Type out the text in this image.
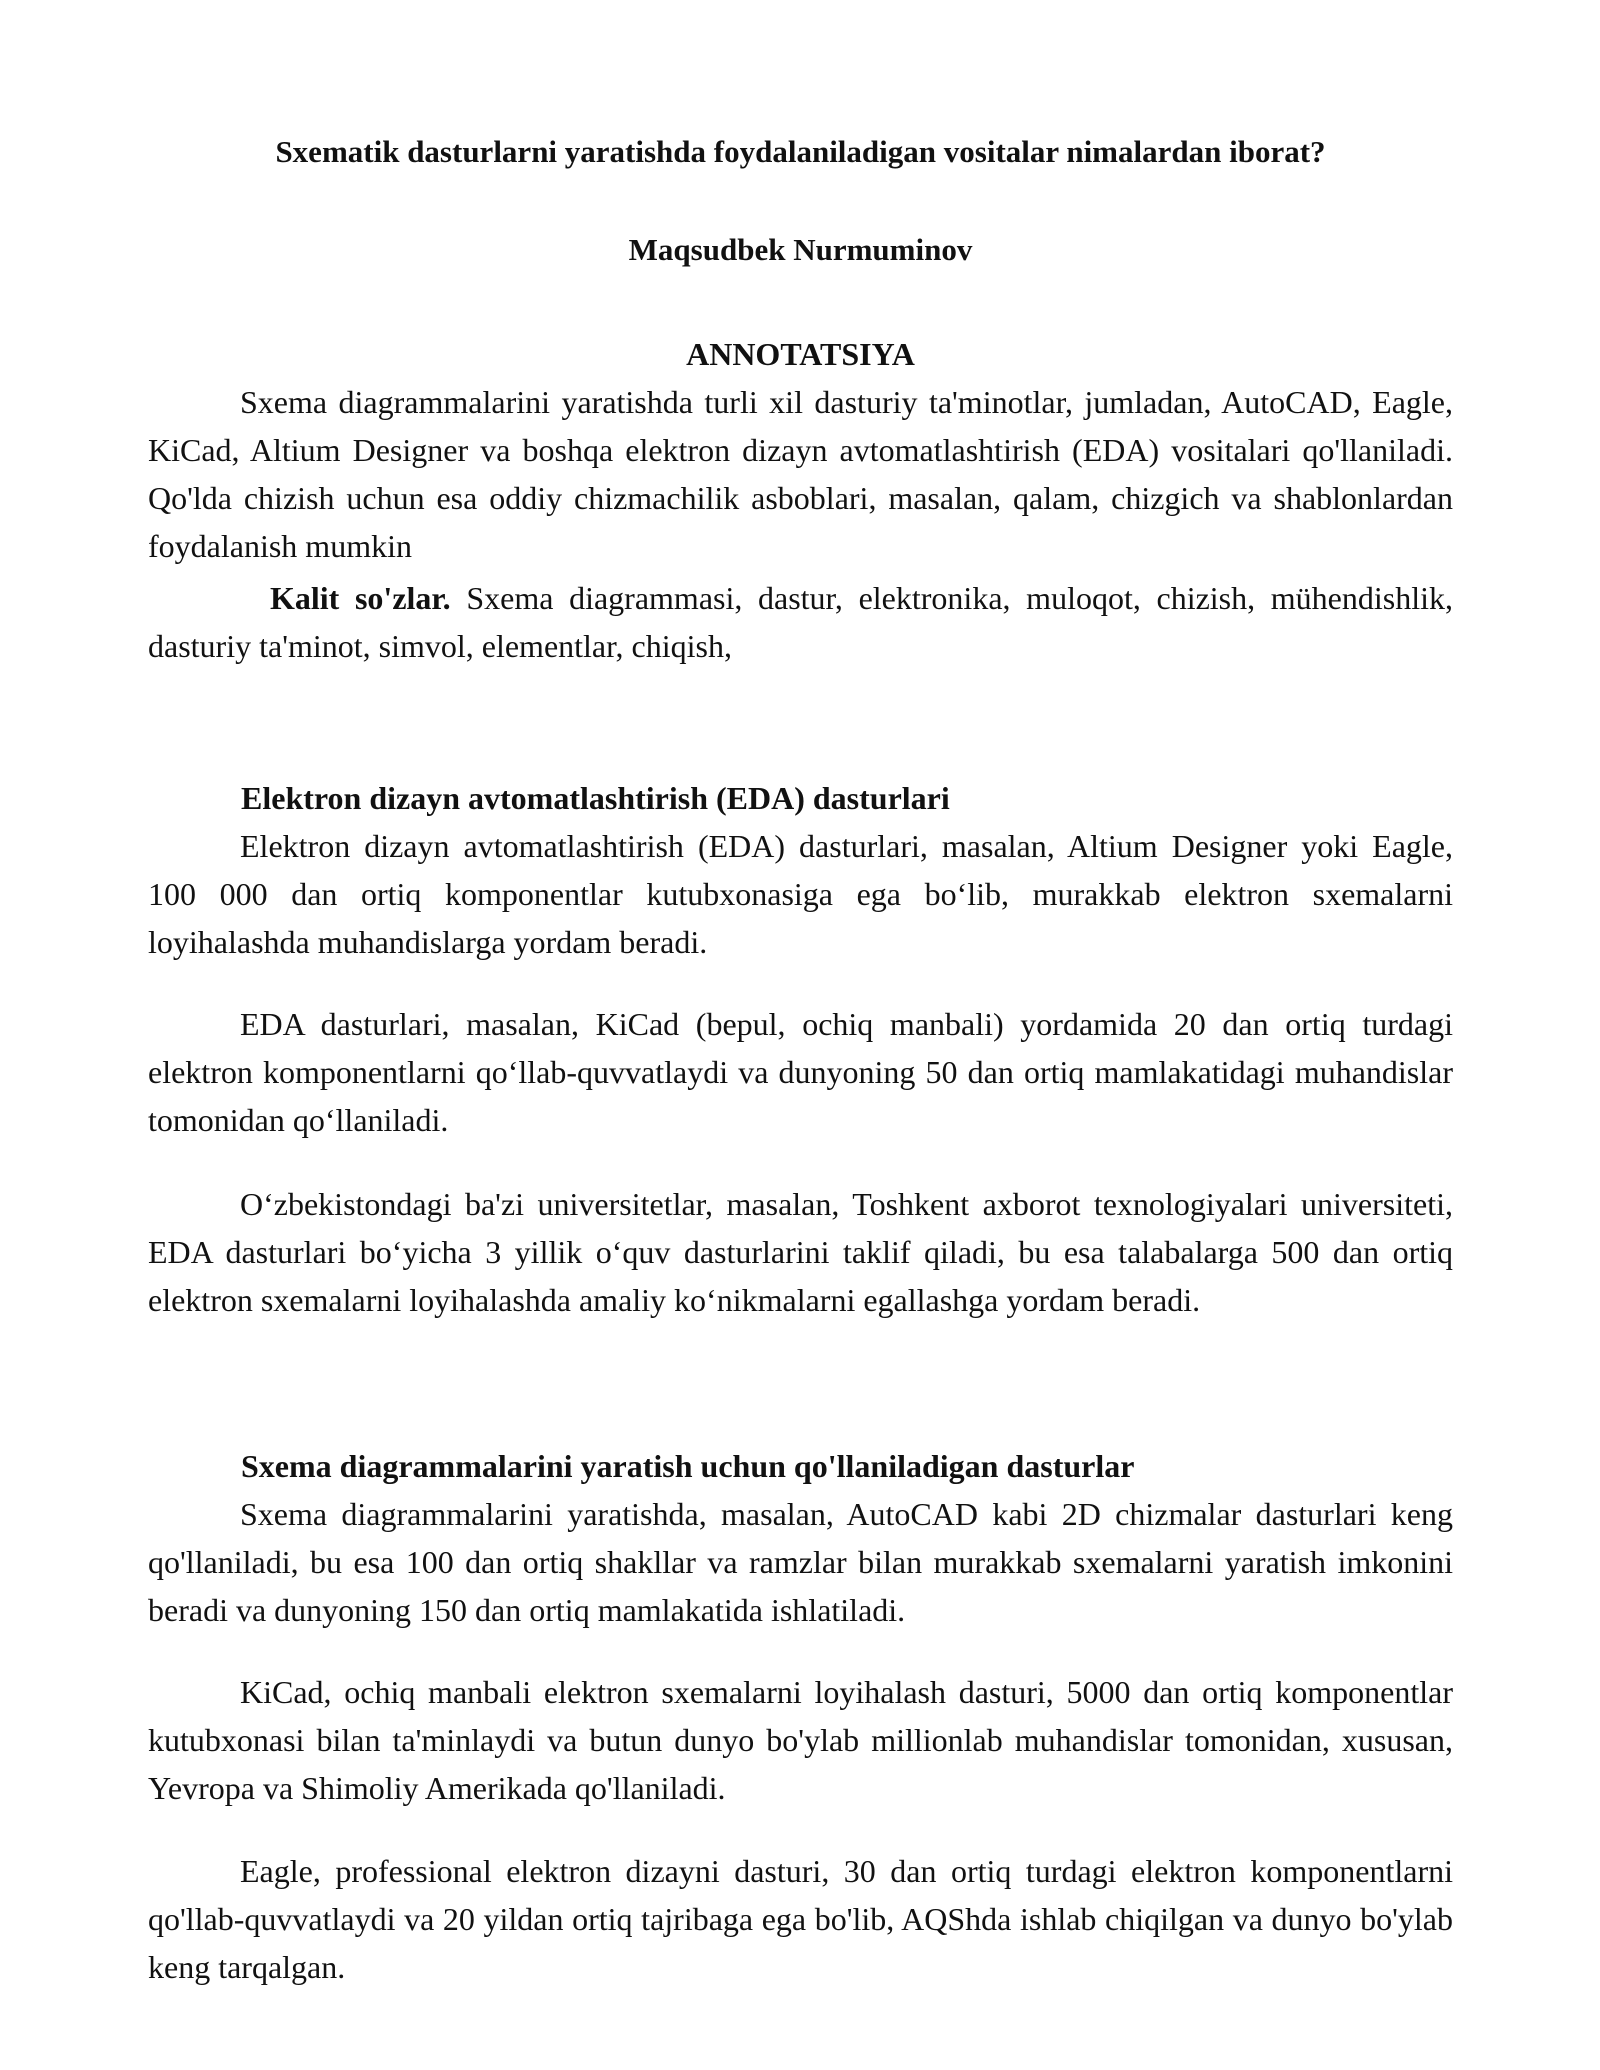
Sxematik dasturlarni yaratishda foydalaniladigan vositalar nimalardan iborat?
Maqsudbek Nurmuminov
ANNOTATSIYA

Sxema diagrammalarini yaratishda turli xil dasturiy ta'minotlar, jumladan, AutoCAD, Eagle, KiCad, Altium Designer va boshqa elektron dizayn avtomatlashtirish (EDA) vositalari qo'llaniladi. Qo'lda chizish uchun esa oddiy chizmachilik asboblari, masalan, qalam, chizgich va shablonlardan foydalanish mumkin

Kalit so'zlar. Sxema diagrammasi, dastur, elektronika, muloqot, chizish, mühendishlik, dasturiy ta'minot, simvol, elementlar, chiqish,

Elektron dizayn avtomatlashtirish (EDA) dasturlari

Elektron dizayn avtomatlashtirish (EDA) dasturlari, masalan, Altium Designer yoki Eagle, 100 000 dan ortiq komponentlar kutubxonasiga ega bo‘lib, murakkab elektron sxemalarni loyihalashda muhandislarga yordam beradi.

EDA dasturlari, masalan, KiCad (bepul, ochiq manbali) yordamida 20 dan ortiq turdagi elektron komponentlarni qo‘llab-quvvatlaydi va dunyoning 50 dan ortiq mamlakatidagi muhandislar tomonidan qo‘llaniladi.

O‘zbekistondagi ba'zi universitetlar, masalan, Toshkent axborot texnologiyalari universiteti, EDA dasturlari bo‘yicha 3 yillik o‘quv dasturlarini taklif qiladi, bu esa talabalarga 500 dan ortiq elektron sxemalarni loyihalashda amaliy ko‘nikmalarni egallashga yordam beradi.

Sxema diagrammalarini yaratish uchun qo'llaniladigan dasturlar

Sxema diagrammalarini yaratishda, masalan, AutoCAD kabi 2D chizmalar dasturlari keng qo'llaniladi, bu esa 100 dan ortiq shakllar va ramzlar bilan murakkab sxemalarni yaratish imkonini beradi va dunyoning 150 dan ortiq mamlakatida ishlatiladi.

KiCad, ochiq manbali elektron sxemalarni loyihalash dasturi, 5000 dan ortiq komponentlar kutubxonasi bilan ta'minlaydi va butun dunyo bo'ylab millionlab muhandislar tomonidan, xususan, Yevropa va Shimoliy Amerikada qo'llaniladi.

Eagle, professional elektron dizayni dasturi, 30 dan ortiq turdagi elektron komponentlarni qo'llab-quvvatlaydi va 20 yildan ortiq tajribaga ega bo'lib, AQShda ishlab chiqilgan va dunyo bo'ylab keng tarqalgan.
